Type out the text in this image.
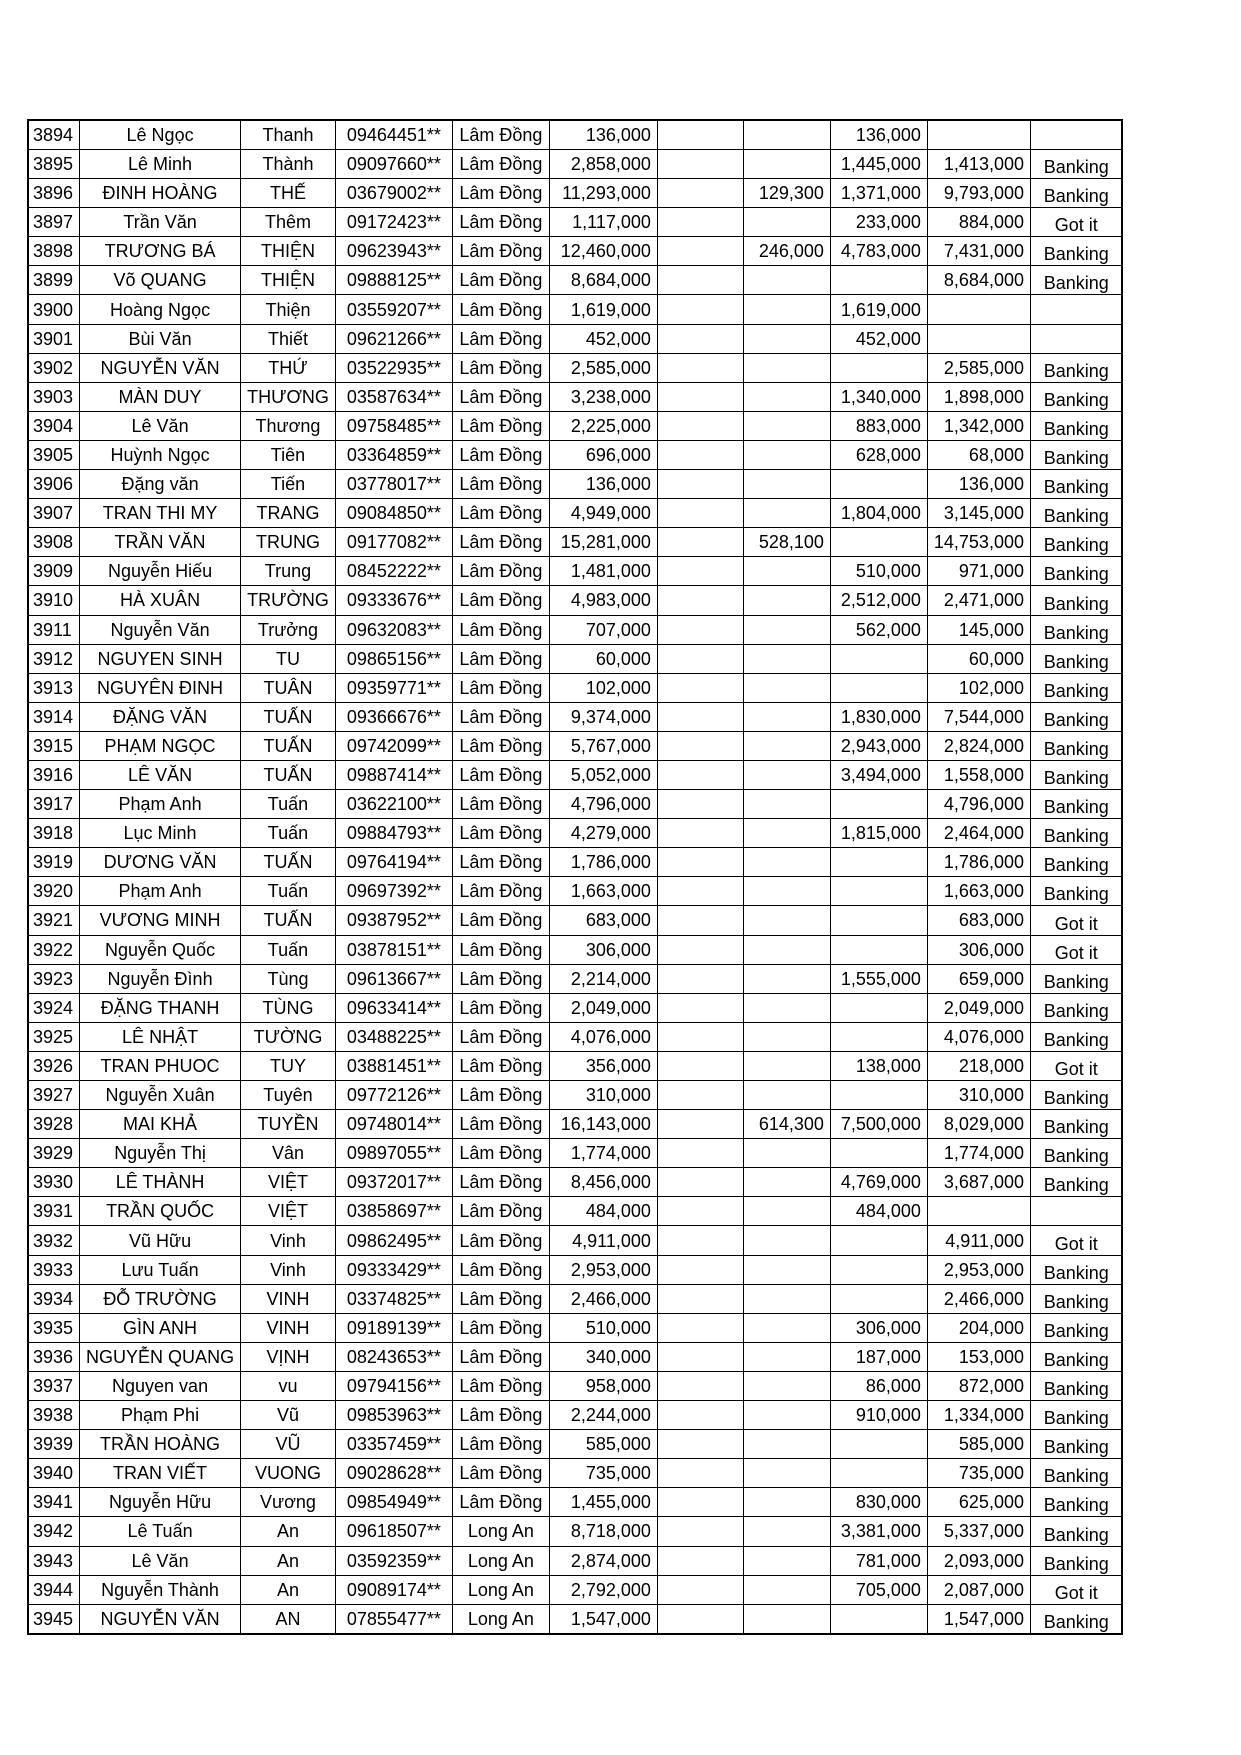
3894	Lê Ngọc	Thanh	09464451**	Lâm Đồng	136,000			136,000		
3895	Lê Minh	Thành	09097660**	Lâm Đồng	2,858,000			1,445,000	1,413,000	Banking
3896	ĐINH HOÀNG	THẾ	03679002**	Lâm Đồng	11,293,000		129,300	1,371,000	9,793,000	Banking
3897	Trần Văn	Thêm	09172423**	Lâm Đồng	1,117,000			233,000	884,000	Got it
3898	TRƯƠNG BÁ	THIỆN	09623943**	Lâm Đồng	12,460,000		246,000	4,783,000	7,431,000	Banking
3899	Võ QUANG	THIỆN	09888125**	Lâm Đồng	8,684,000				8,684,000	Banking
3900	Hoàng Ngọc	Thiện	03559207**	Lâm Đồng	1,619,000			1,619,000		
3901	Bùi Văn	Thiết	09621266**	Lâm Đồng	452,000			452,000		
3902	NGUYỄN VĂN	THỨ	03522935**	Lâm Đồng	2,585,000				2,585,000	Banking
3903	MÀN DUY	THƯƠNG	03587634**	Lâm Đồng	3,238,000			1,340,000	1,898,000	Banking
3904	Lê Văn	Thương	09758485**	Lâm Đồng	2,225,000			883,000	1,342,000	Banking
3905	Huỳnh Ngọc	Tiên	03364859**	Lâm Đồng	696,000			628,000	68,000	Banking
3906	Đặng văn	Tiến	03778017**	Lâm Đồng	136,000				136,000	Banking
3907	TRAN THI MY	TRANG	09084850**	Lâm Đồng	4,949,000			1,804,000	3,145,000	Banking
3908	TRẦN VĂN	TRUNG	09177082**	Lâm Đồng	15,281,000		528,100		14,753,000	Banking
3909	Nguyễn Hiếu	Trung	08452222**	Lâm Đồng	1,481,000			510,000	971,000	Banking
3910	HÀ XUÂN	TRƯỜNG	09333676**	Lâm Đồng	4,983,000			2,512,000	2,471,000	Banking
3911	Nguyễn Văn	Trưởng	09632083**	Lâm Đồng	707,000			562,000	145,000	Banking
3912	NGUYEN SINH	TU	09865156**	Lâm Đồng	60,000				60,000	Banking
3913	NGUYÊN ĐINH	TUÂN	09359771**	Lâm Đồng	102,000				102,000	Banking
3914	ĐẶNG VĂN	TUẤN	09366676**	Lâm Đồng	9,374,000			1,830,000	7,544,000	Banking
3915	PHẠM NGỌC	TUẤN	09742099**	Lâm Đồng	5,767,000			2,943,000	2,824,000	Banking
3916	LÊ VĂN	TUẤN	09887414**	Lâm Đồng	5,052,000			3,494,000	1,558,000	Banking
3917	Phạm Anh	Tuấn	03622100**	Lâm Đồng	4,796,000				4,796,000	Banking
3918	Lục Minh	Tuấn	09884793**	Lâm Đồng	4,279,000			1,815,000	2,464,000	Banking
3919	DƯƠNG VĂN	TUẤN	09764194**	Lâm Đồng	1,786,000				1,786,000	Banking
3920	Phạm Anh	Tuấn	09697392**	Lâm Đồng	1,663,000				1,663,000	Banking
3921	VƯƠNG MINH	TUẤN	09387952**	Lâm Đồng	683,000				683,000	Got it
3922	Nguyễn Quốc	Tuấn	03878151**	Lâm Đồng	306,000				306,000	Got it
3923	Nguyễn Đình	Tùng	09613667**	Lâm Đồng	2,214,000			1,555,000	659,000	Banking
3924	ĐẶNG THANH	TÙNG	09633414**	Lâm Đồng	2,049,000				2,049,000	Banking
3925	LÊ NHẬT	TƯỜNG	03488225**	Lâm Đồng	4,076,000				4,076,000	Banking
3926	TRAN PHUOC	TUY	03881451**	Lâm Đồng	356,000			138,000	218,000	Got it
3927	Nguyễn Xuân	Tuyên	09772126**	Lâm Đồng	310,000				310,000	Banking
3928	MAI KHẢ	TUYỀN	09748014**	Lâm Đồng	16,143,000		614,300	7,500,000	8,029,000	Banking
3929	Nguyễn Thị	Vân	09897055**	Lâm Đồng	1,774,000				1,774,000	Banking
3930	LÊ THÀNH	VIỆT	09372017**	Lâm Đồng	8,456,000			4,769,000	3,687,000	Banking
3931	TRẦN QUỐC	VIỆT	03858697**	Lâm Đồng	484,000			484,000		
3932	Vũ Hữu	Vinh	09862495**	Lâm Đồng	4,911,000				4,911,000	Got it
3933	Lưu Tuấn	Vinh	09333429**	Lâm Đồng	2,953,000				2,953,000	Banking
3934	ĐỖ TRƯỜNG	VINH	03374825**	Lâm Đồng	2,466,000				2,466,000	Banking
3935	GÌN ANH	VINH	09189139**	Lâm Đồng	510,000			306,000	204,000	Banking
3936	NGUYỄN QUANG	VỊNH	08243653**	Lâm Đồng	340,000			187,000	153,000	Banking
3937	Nguyen van	vu	09794156**	Lâm Đồng	958,000			86,000	872,000	Banking
3938	Phạm Phi	Vũ	09853963**	Lâm Đồng	2,244,000			910,000	1,334,000	Banking
3939	TRẦN HOÀNG	VŨ	03357459**	Lâm Đồng	585,000				585,000	Banking
3940	TRAN VIẾT	VUONG	09028628**	Lâm Đồng	735,000				735,000	Banking
3941	Nguyễn Hữu	Vương	09854949**	Lâm Đồng	1,455,000			830,000	625,000	Banking
3942	Lê Tuấn	An	09618507**	Long An	8,718,000			3,381,000	5,337,000	Banking
3943	Lê Văn	An	03592359**	Long An	2,874,000			781,000	2,093,000	Banking
3944	Nguyễn Thành	An	09089174**	Long An	2,792,000			705,000	2,087,000	Got it
3945	NGUYỄN VĂN	AN	07855477**	Long An	1,547,000				1,547,000	Banking
